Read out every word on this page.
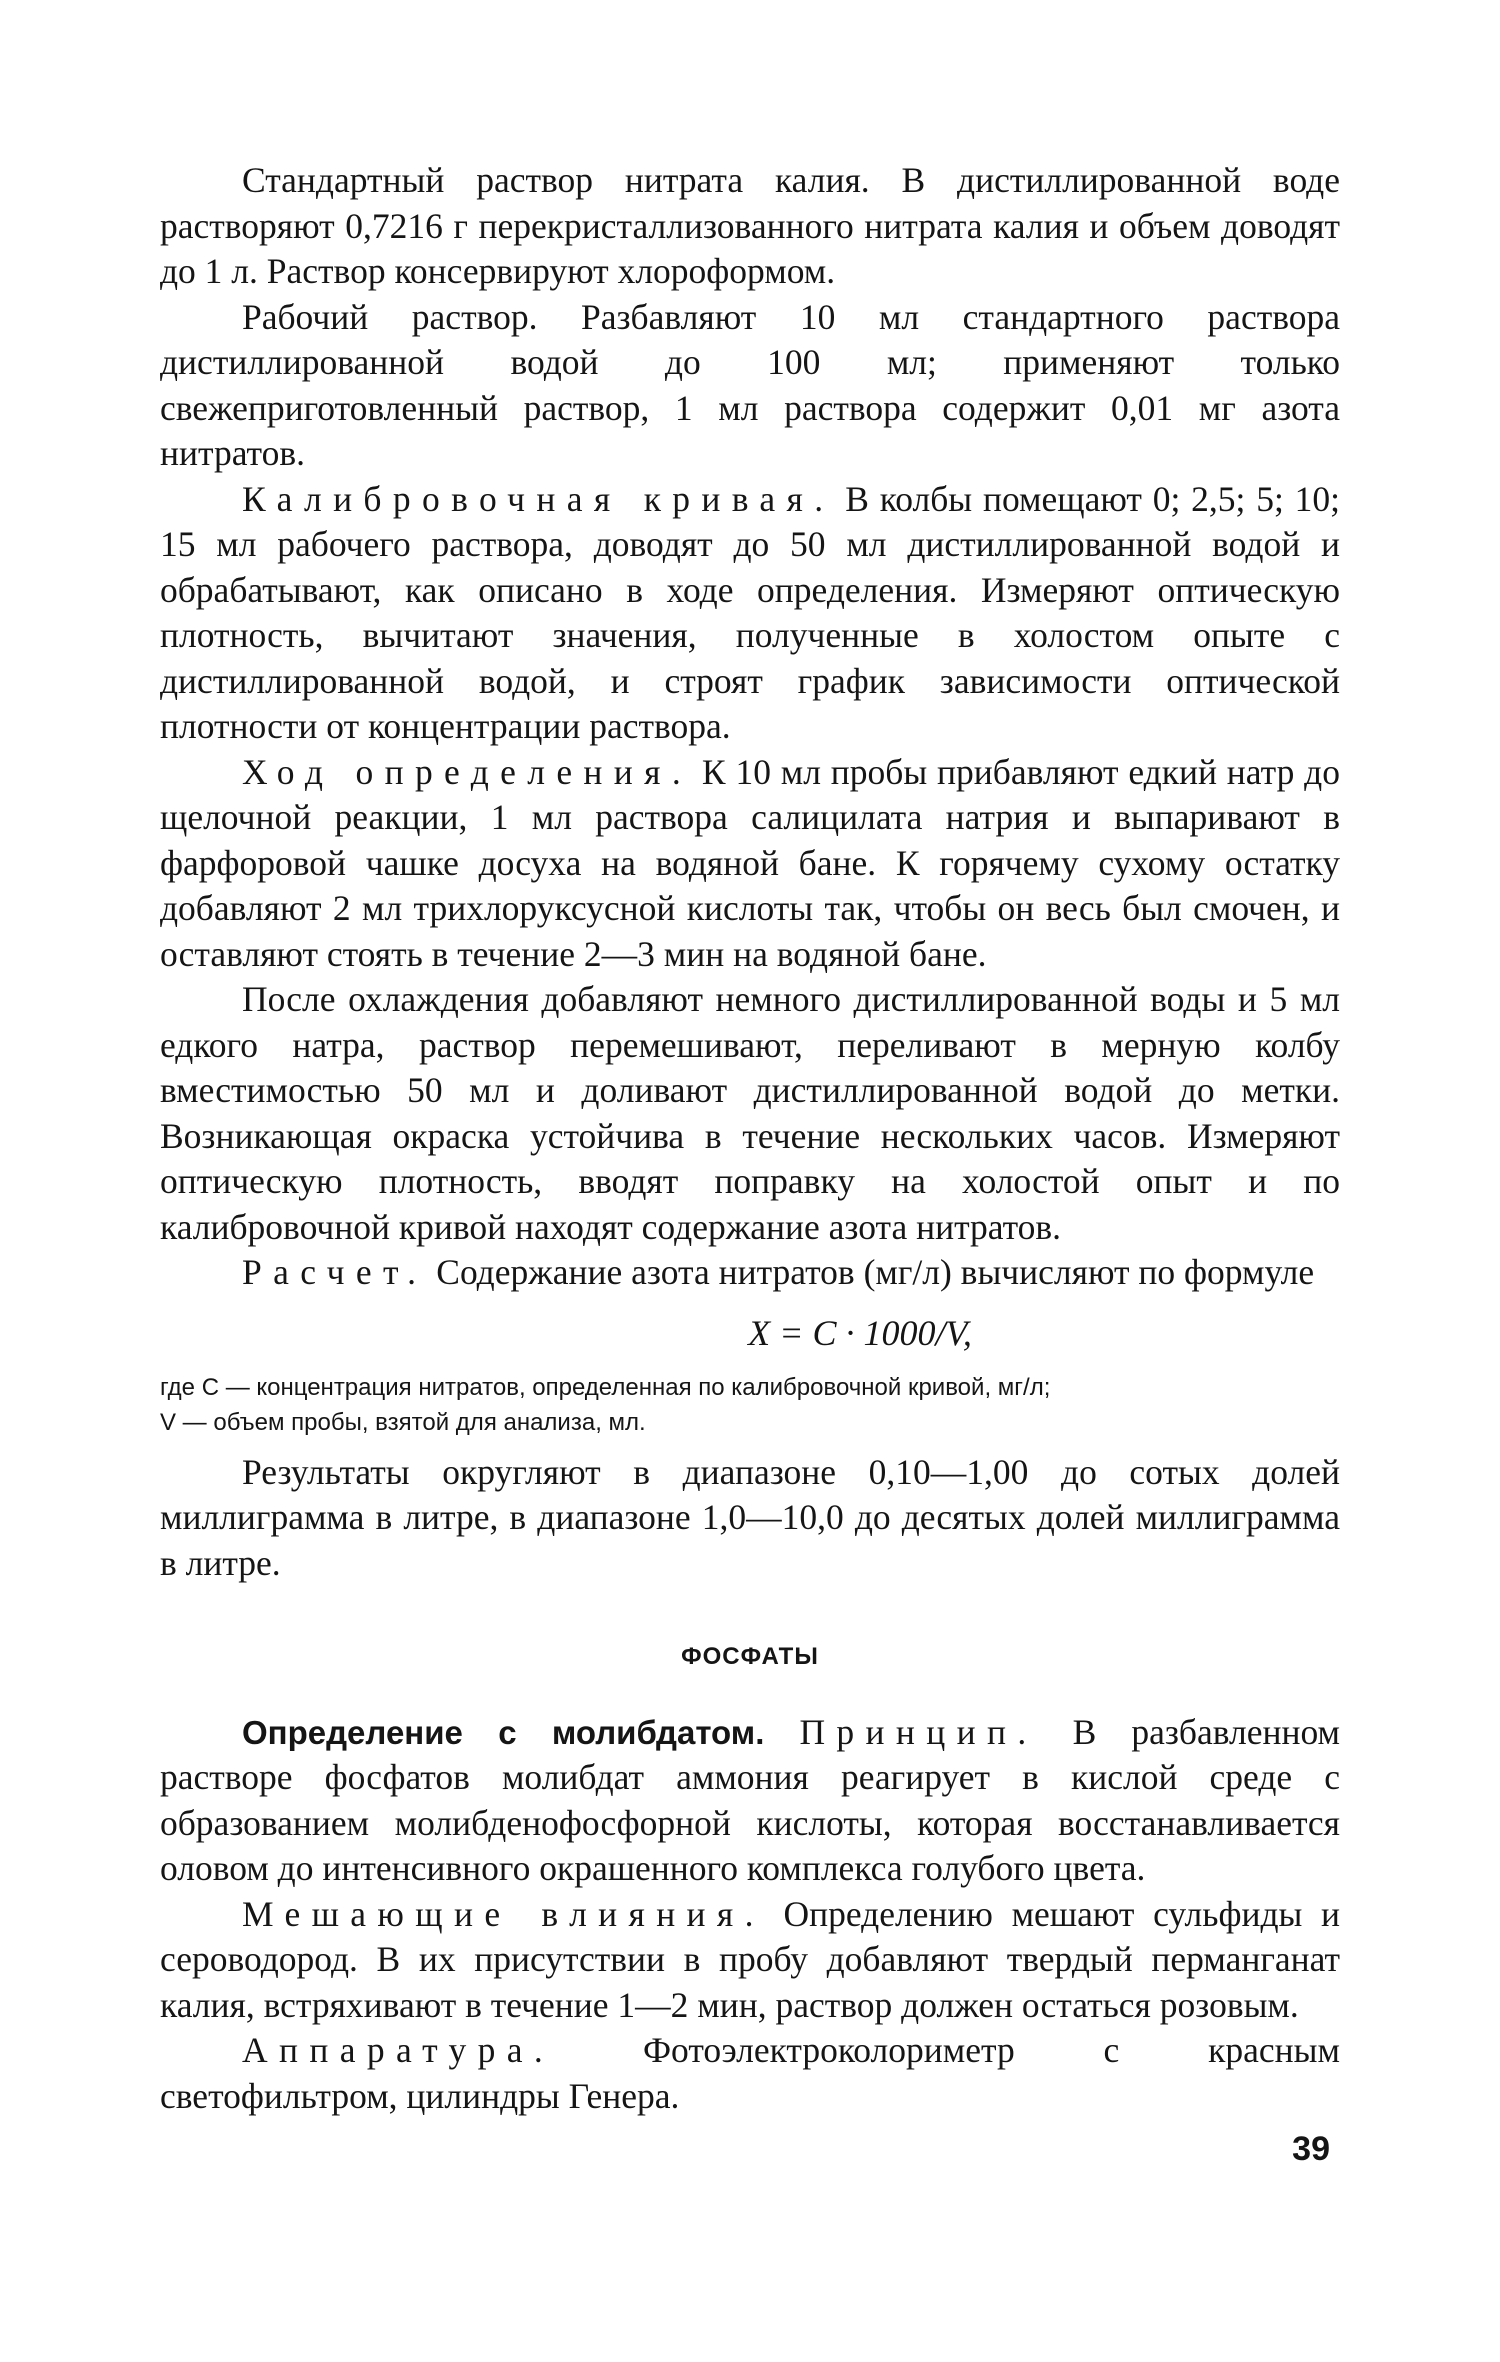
Стандартный раствор нитрата калия. В дистиллированной воде растворяют 0,7216 г перекристаллизованного нитрата калия и объем доводят до 1 л. Раствор консервируют хлороформом.

Рабочий раствор. Разбавляют 10 мл стандартного раствора дистиллированной водой до 100 мл; применяют только свежеприготовленный раствор, 1 мл раствора содержит 0,01 мг азота нитратов.

Калибровочная кривая. В колбы помещают 0; 2,5; 5; 10; 15 мл рабочего раствора, доводят до 50 мл дистиллированной водой и обрабатывают, как описано в ходе определения. Измеряют оптическую плотность, вычитают значения, полученные в холостом опыте с дистиллированной водой, и строят график зависимости оптической плотности от концентрации раствора.

Ход определения. К 10 мл пробы прибавляют едкий натр до щелочной реакции, 1 мл раствора салицилата натрия и выпаривают в фарфоровой чашке досуха на водяной бане. К горячему сухому остатку добавляют 2 мл трихлоруксусной кислоты так, чтобы он весь был смочен, и оставляют стоять в течение 2—3 мин на водяной бане.

После охлаждения добавляют немного дистиллированной воды и 5 мл едкого натра, раствор перемешивают, переливают в мерную колбу вместимостью 50 мл и доливают дистиллированной водой до метки. Возникающая окраска устойчива в течение нескольких часов. Измеряют оптическую плотность, вводят поправку на холостой опыт и по калибровочной кривой находят содержание азота нитратов.

Расчет. Содержание азота нитратов (мг/л) вычисляют по формуле

X = C · 1000/V,

где C — концентрация нитратов, определенная по калибровочной кривой, мг/л;

V — объем пробы, взятой для анализа, мл.

Результаты округляют в диапазоне 0,10—1,00 до сотых долей миллиграмма в литре, в диапазоне 1,0—10,0 до десятых долей миллиграмма в литре.

ФОСФАТЫ

Определение с молибдатом. Принцип. В разбавленном растворе фосфатов молибдат аммония реагирует в кислой среде с образованием молибденофосфорной кислоты, которая восстанавливается оловом до интенсивного окрашенного комплекса голубого цвета.

Мешающие влияния. Определению мешают сульфиды и сероводород. В их присутствии в пробу добавляют твердый перманганат калия, встряхивают в течение 1—2 мин, раствор должен остаться розовым.

Аппаратура. Фотоэлектроколориметр с красным светофильтром, цилиндры Генера.

39
